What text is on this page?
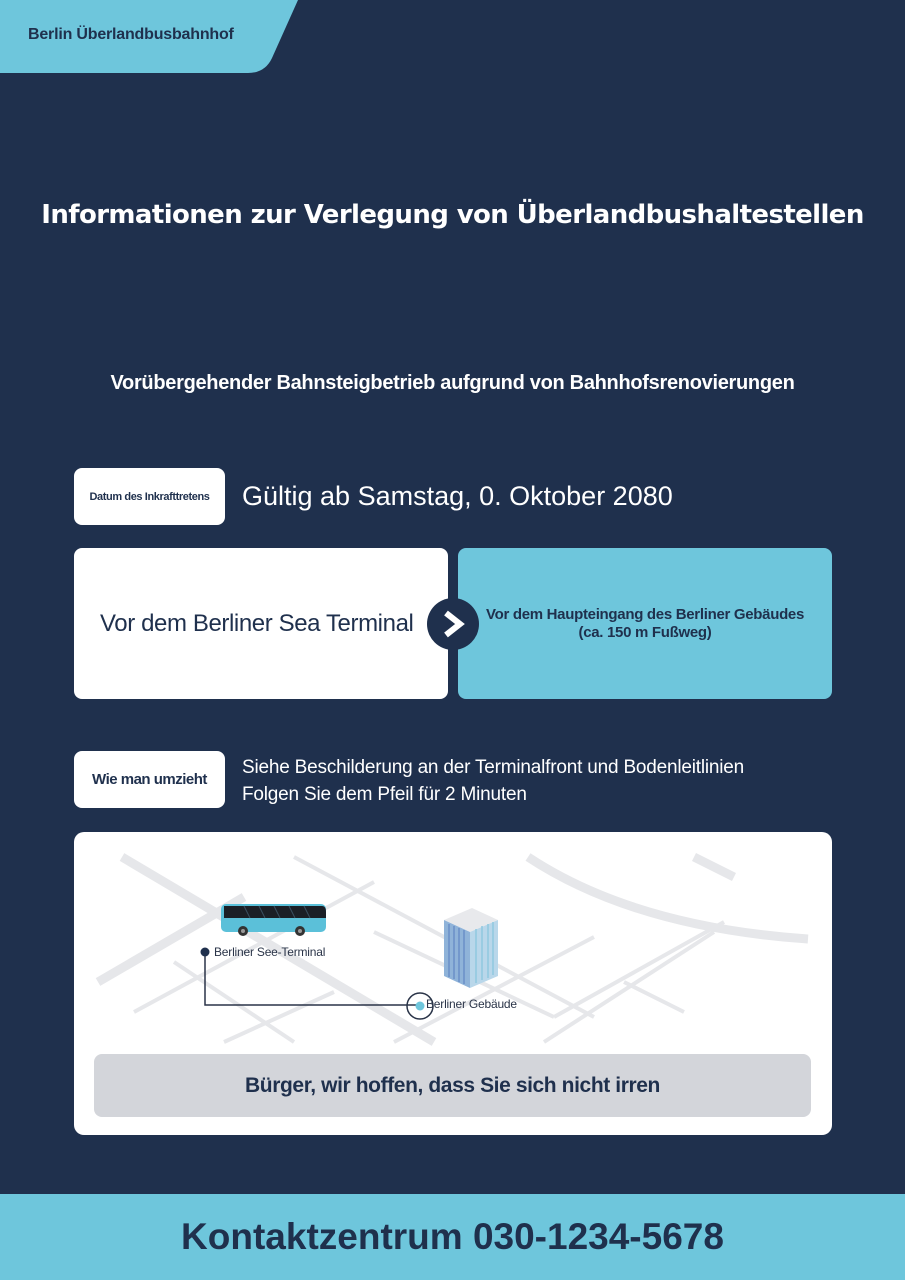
Berlin Überlandbusbahnhof
Informationen zur Verlegung von Überlandbushaltestellen
Vorübergehender Bahnsteigbetrieb aufgrund von Bahnhofsrenovierungen
Datum des Inkrafttretens	Gültig ab Samstag, 0. Oktober 2080
Vor dem Berliner Sea Terminal	Vor dem Haupteingang des Berliner Gebäudes
(ca. 150 m Fußweg)
Wie man umzieht
Siehe Beschilderung an der Terminalfront und Bodenleitlinien
Folgen Sie dem Pfeil für 2 Minuten
Berliner See-Terminal
Berliner Gebäude
Bürger, wir hoffen, dass Sie sich nicht irren
Kontaktzentrum 030-1234-5678
